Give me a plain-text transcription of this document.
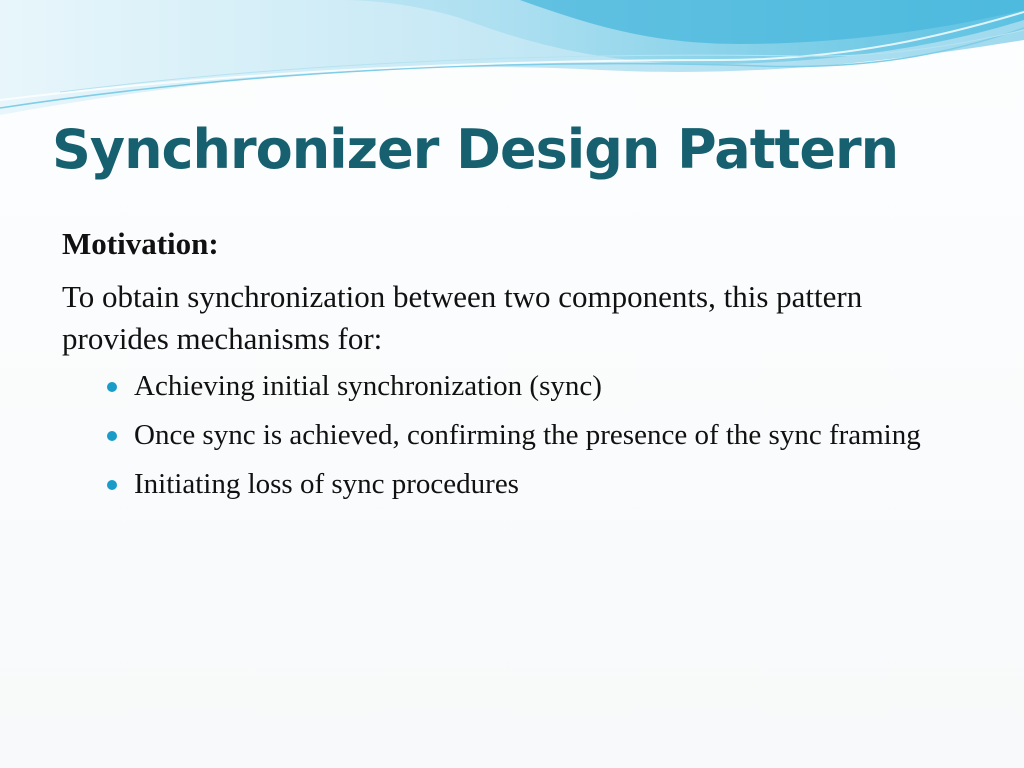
Synchronizer Design Pattern
Motivation:
To obtain synchronization between two components, this pattern provides mechanisms for:
Achieving initial synchronization (sync)
Once sync is achieved, confirming the presence of the sync framing
Initiating loss of sync procedures
